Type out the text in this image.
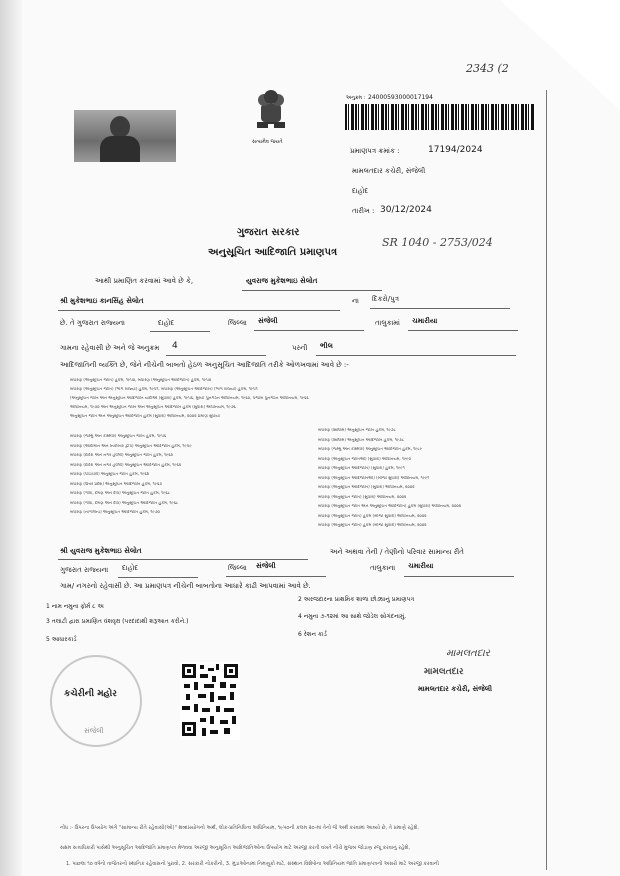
2343 (2
સત્યમેવ જયતે
અનુક્રમ : 24000593000017194
પ્રમાણપત્ર ક્રમાંક :	17194/2024
મામલતદાર કચેરી, સંજેલી
દાહોદ
તારીખ : 30/12/2024
ગુજરાત સરકાર
અનુસૂચિત આદિજાતિ પ્રમાણપત્ર
SR 1040 - 2753/024
આથી પ્રમાણિત કરવામાં આવે છે કે,	યુવરાજ મુકેશભાઇ સેલોત
શ્રી મુકેશભાઇ કાનસિંહ સેલોત	ના દિકરો/પુત્ર
છે. તે ગુજરાત રાજ્યના	દાહોદ	જિલ્લા સંજેલી	તાલુકામાં ચમારીયા
ગામના રહેવાસી છે અને જે અનુક્રમ 4	પરની ભીલ
આદિજાતિની વ્યક્તિ છે, જેને નીચેની બાબતો હેઠળ અનુસૂચિત આદિજાતિ તરીકે ઓળખવામાં આવે છે :-
બંધારણ (અનુસૂચિત જાતિ) હુકમ, ૧૯૫૦, બંધારણ (અનુસૂચિત આદિજાતિ) હુકમ, ૧૯૫૦
બંધારણ (અનુસૂચિત જાતિ) (ભાગ રાજ્યો) હુકમ, ૧૯૫૧, બંધારણ (અનુસૂચિત આદિજાતિ) (ભાગ રાજ્યો) હુકમ, ૧૯૫૧
(અનુસૂચિત જાતિ અને અનુસૂચિત આદિજાતિ યાદીઓ (સુધારા) હુકમ, ૧૯૫૬, મુંબઈ પુનર્ગઠન અધિનિયમ, ૧૯૬૦, પંજાબ પુનર્ગઠન અધિનિયમ, ૧૯૬૬
અધિનિયમ, ૧૯૭૦ અને અનુસૂચિત જાતિ અને અનુસૂચિત આદિજાતિ હુકમ (સુધારા) અધિનિયમ, ૧૯૭૬
અનુસૂચિત જાતિ અને અનુસૂચિત આદિજાતિ હુકમ (સુધારા) અધિનિયમ, ૨૦૦૨ પ્રમાણે સુધાર્યા
બંધારણ (જમ્મુ અને કાશ્મીર) અનુસૂચિત જાતિ હુકમ, ૧૯૫૬
બંધારણ (આંદામાન અને નિકોબાર દ્વીપ) અનુસૂચિત આદિજાતિ હુકમ, ૧૯૫૯
બંધારણ (દાદરા અને નગર હવેલી) અનુસૂચિત જાતિ હુકમ, ૧૯૬૨
બંધારણ (દાદરા અને નગર હવેલી) અનુસૂચિત આદિજાતિ હુકમ, ૧૯૬૨
બંધારણ (પોંડિચેરી) અનુસૂચિત જાતિ હુકમ, ૧૯૬૪
બંધારણ (ઉત્તર પ્રદેશ) અનુસૂચિત આદિજાતિ હુકમ, ૧૯૬૭
બંધારણ (ગોવા, દમણ અને દીવ) અનુસૂચિત જાતિ હુકમ, ૧૯૬૮
બંધારણ (ગોવા, દમણ અને દીવ) અનુસૂચિત આદિજાતિ હુકમ, ૧૯૬૮
બંધારણ (નાગાલેન્ડ) અનુસૂચિત આદિજાતિ હુકમ, ૧૯૭૦
બંધારણ (સિક્કિમ) અનુસૂચિત જાતિ હુકમ, ૧૯૭૮
બંધારણ (સિક્કિમ) અનુસૂચિત આદિજાતિ હુકમ, ૧૯૭૮
બંધારણ (જમ્મુ અને કાશ્મીર) અનુસૂચિત આદિજાતિ હુકમ, ૧૯૮૯
બંધારણ (અનુસૂચિત જાતિઓ) (સુધારા) અધિનિયમ, ૧૯૯૦
બંધારણ (અનુસૂચિત આદિજાતિ) (સુધારા) હુકમ, ૧૯૯૧
બંધારણ (અનુસૂચિત આદિજાતિઓ) (બીજો સુધારો) અધિનિયમ, ૧૯૯૧
બંધારણ (અનુસૂચિત આદિજાતિ) (સુધારા) અધિનિયમ, ૨૦૦૨
બંધારણ (અનુસૂચિત જાતિ) (સુધારા) અધિનિયમ, ૨૦૦૨
બંધારણ (અનુસૂચિત જાતિ અને અનુસૂચિત આદિજાતિ) હુકમ (સુધારા) અધિનિયમ, ૨૦૦૨
બંધારણ (અનુસૂચિત જાતિ) હુકમ (બીજો સુધારો) અધિનિયમ, ૨૦૦૨
બંધારણ (અનુસૂચિત જાતિ) હુકમ (બીજો સુધારો) અધિનિયમ, ૨૦૦૨
શ્રી યુવરાજ મુકેશભાઇ સેલોત	અને અથવા તેની / તેણીનો પરિવાર સામાન્ય રીતે
ગુજરાત રાજ્યના દાહોદ	જિલ્લા સંજેલી	તાલુકાના ચમારીયા
ગામ/ નગરનો રહેવાસી છે. આ પ્રમાણપત્ર નીચેની બાબતોના આધારે કાઢી આપવામાં આવે છે.
1 નામ નમુના ફોર્મ ૮ અ
2 અરજદારના પ્રાથમિક શાળા છોડ્યાનું પ્રમાણપત્ર
3 તલાટી દ્વારા પ્રમાણિત વંશવૃક્ષ (પરદાદાથી શરૂઆત કરીને.)
4 નમુના ૭-૧૨માં આ સાથે જોડેલ સોગંદનામું.
5 આધારકાર્ડ
6 રેશન કાર્ડ
કચેરીની મહોર
સંજેલી
મામલતદાર
મામલતદાર
મામલતદાર કચેરી, સંજેલી
નોંધ :- ઉપરના ઉપયોગ અંગે "સામાન્ય રીતે રહેવાસી(ઓ)" શબ્દપ્રયોગનો અર્થ, લોક-પ્રતિનિધિત્વ અધિનિયમ, ૧૯૫૦ની કલમ ૨૦-માં તેનો જે અર્થ કરવામાં આવ્યો છે, તે પ્રમાણે રહેશે.
સક્ષમ સત્તાધિકારી પાસેથી અનુસૂચિત આદિજાતિ પ્રમાણપત્ર મેળવવા અરજી અનુસૂચિત આદિજાતિઓના ઉપયોગ માટે અરજી કરતી વખતે નીચે મુજબ જોડાણ રજૂ કરવાનું રહેશે,
1. પાછલા ૧૦ વર્ષનો તાજેતરનો સ્થાનિક રહેવાસનો પુરાવો, 2. સરકારી નોકરીનો, 3. મુંડાઓનામાં નિમણૂકો માટે, સંસ્થાન વિશેષોના અધિનિયમ જાતિ પ્રમાણપત્રની અસરો માટે અરજી કરવાની
